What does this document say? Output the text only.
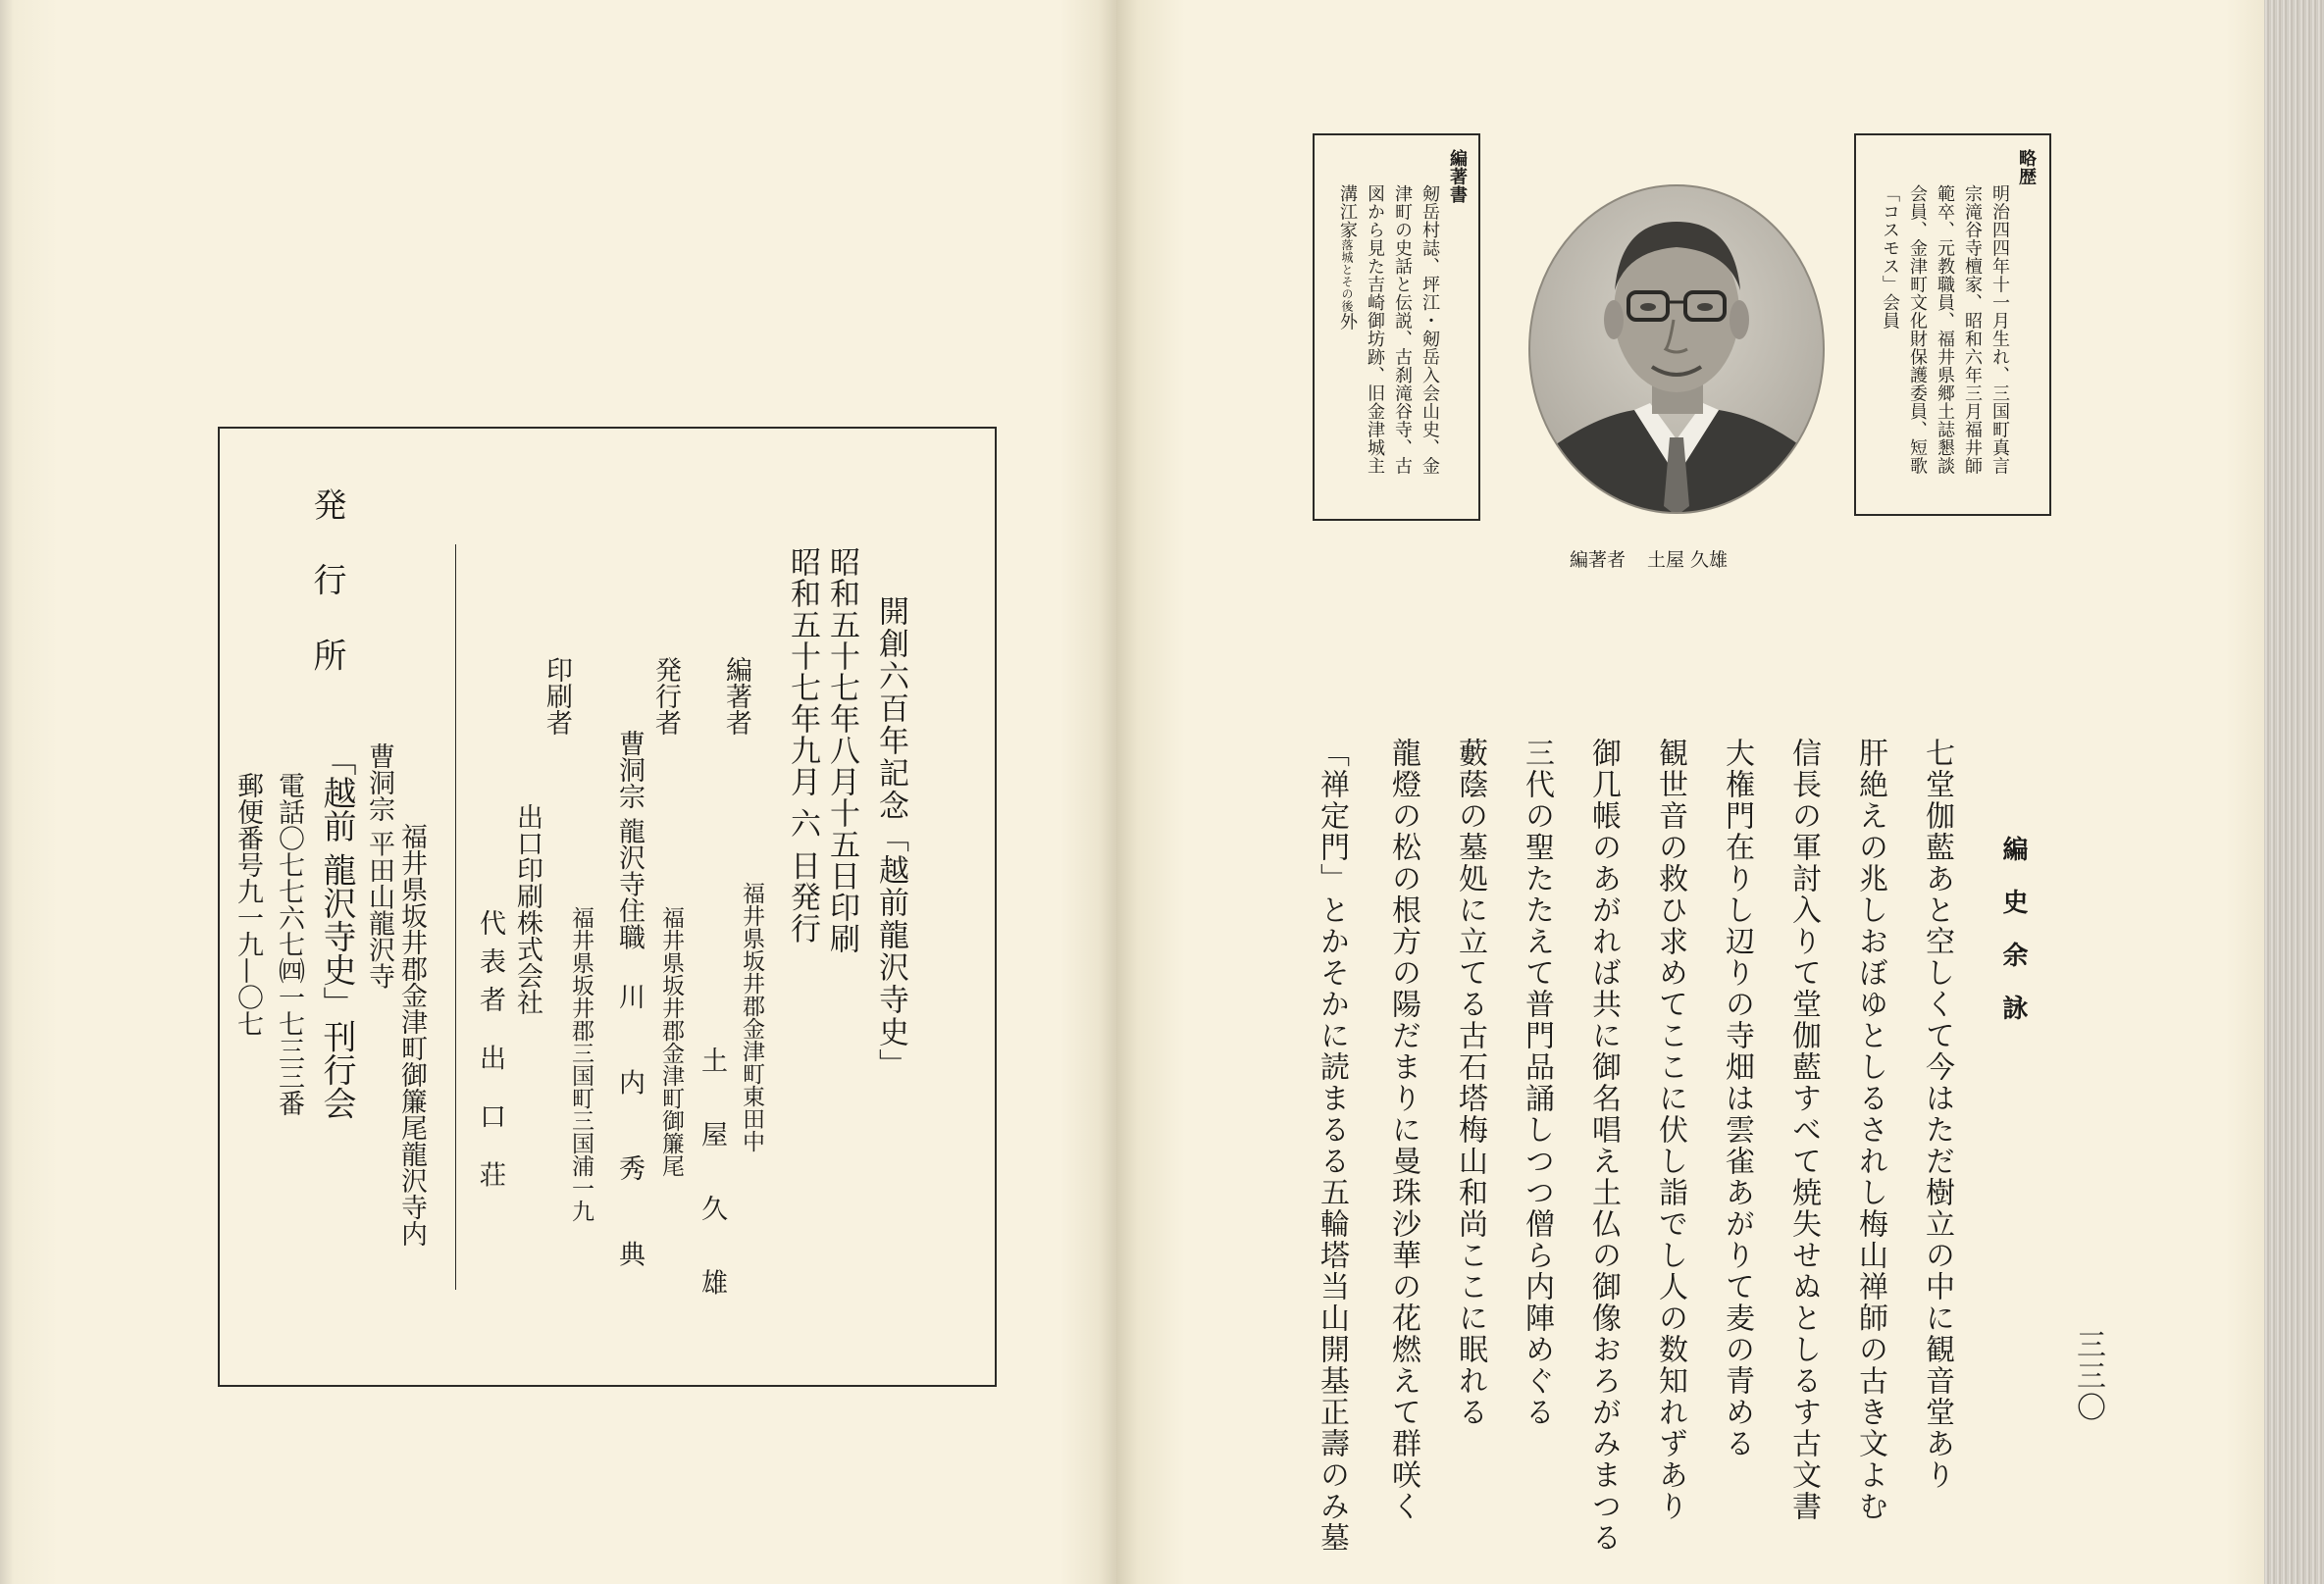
開創六百年記念「越前龍沢寺史」
昭和五十七年八月十五日印刷
昭和五十七年九月 六 日発行
編著者
福井県坂井郡金津町東田中
土 屋 久 雄
発行者
福井県坂井郡金津町御簾尾
曹洞宗 龍沢寺住職
川 内 秀 典
印刷者
福井県坂井郡三国町三国浦一九
出口印刷株式会社
代表者 出 口 荘
発 行 所
曹洞宗 平田山龍沢寺
「越前 龍沢寺史」刊行会 福井県坂井郡金津町御簾尾龍沢寺内
電話〇七七六七㈣一七三三番
郵便番号九一九—〇七
略歴
明治四四年十一月生れ、三国町真言
宗滝谷寺檀家、昭和六年三月福井師
範卒、元教職員、福井県郷土誌懇談
会員、金津町文化財保護委員、短歌
「コスモス」会員
編著書
剱岳村誌、坪江・剱岳入会山史、金
津町の史話と伝説、古刹滝谷寺、古
図から見た吉崎御坊跡、旧金津城主
溝江家落城とその後外
編著者 土屋 久雄
編史余詠
七堂伽藍あと空しくて今はただ樹立の中に観音堂あり
肝絶えの兆しおぼゆとしるされし梅山禅師の古き文よむ
信長の軍討入りて堂伽藍すべて焼失せぬとしるす古文書
大権門在りし辺りの寺畑は雲雀あがりて麦の青める
観世音の救ひ求めてここに伏し詣でし人の数知れずあり
御几帳のあがれば共に御名唱え土仏の御像おろがみまつる
三代の聖たたえて普門品誦しつつ僧ら内陣めぐる
藪蔭の墓処に立てる古石塔梅山和尚ここに眠れる
龍燈の松の根方の陽だまりに曼珠沙華の花燃えて群咲く
「禅定門」とかそかに読まるる五輪塔当山開基正壽のみ墓	三三〇
